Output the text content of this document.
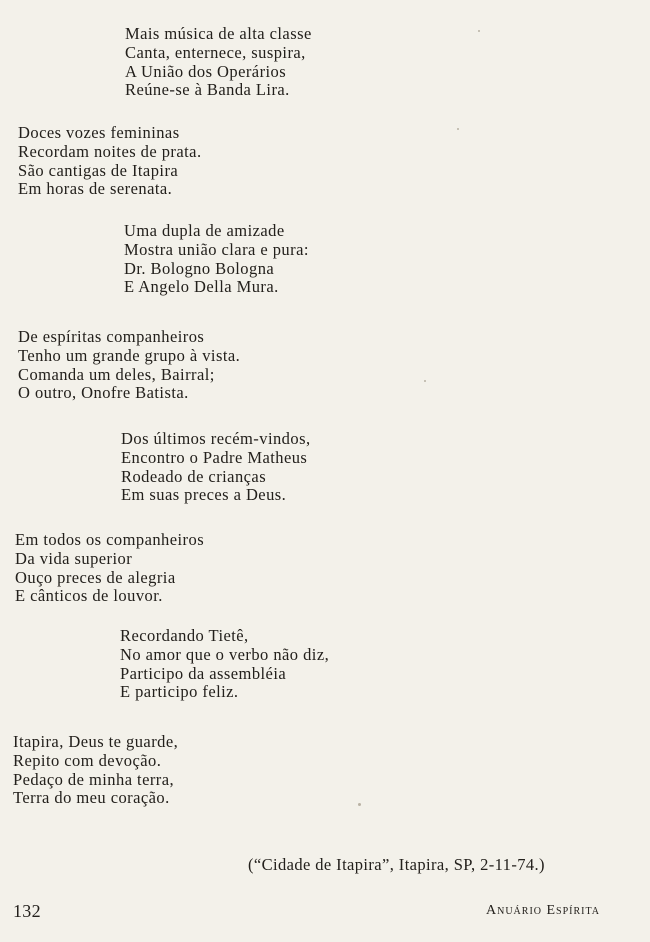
Mais música de alta classe
Canta, enternece, suspira,
A União dos Operários
Reúne-se à Banda Lira.
Doces vozes femininas
Recordam noites de prata.
São cantigas de Itapira
Em horas de serenata.
Uma dupla de amizade
Mostra união clara e pura:
Dr. Bologno Bologna
E Angelo Della Mura.
De espíritas companheiros
Tenho um grande grupo à vista.
Comanda um deles, Bairral;
O outro, Onofre Batista.
Dos últimos recém-vindos,
Encontro o Padre Matheus
Rodeado de crianças
Em suas preces a Deus.
Em todos os companheiros
Da vida superior
Ouço preces de alegria
E cânticos de louvor.
Recordando Tietê,
No amor que o verbo não diz,
Participo da assembléia
E participo feliz.
Itapira, Deus te guarde,
Repito com devoção.
Pedaço de minha terra,
Terra do meu coração.
(“Cidade de Itapira”, Itapira, SP, 2-11-74.)
132	Anuário Espírita
